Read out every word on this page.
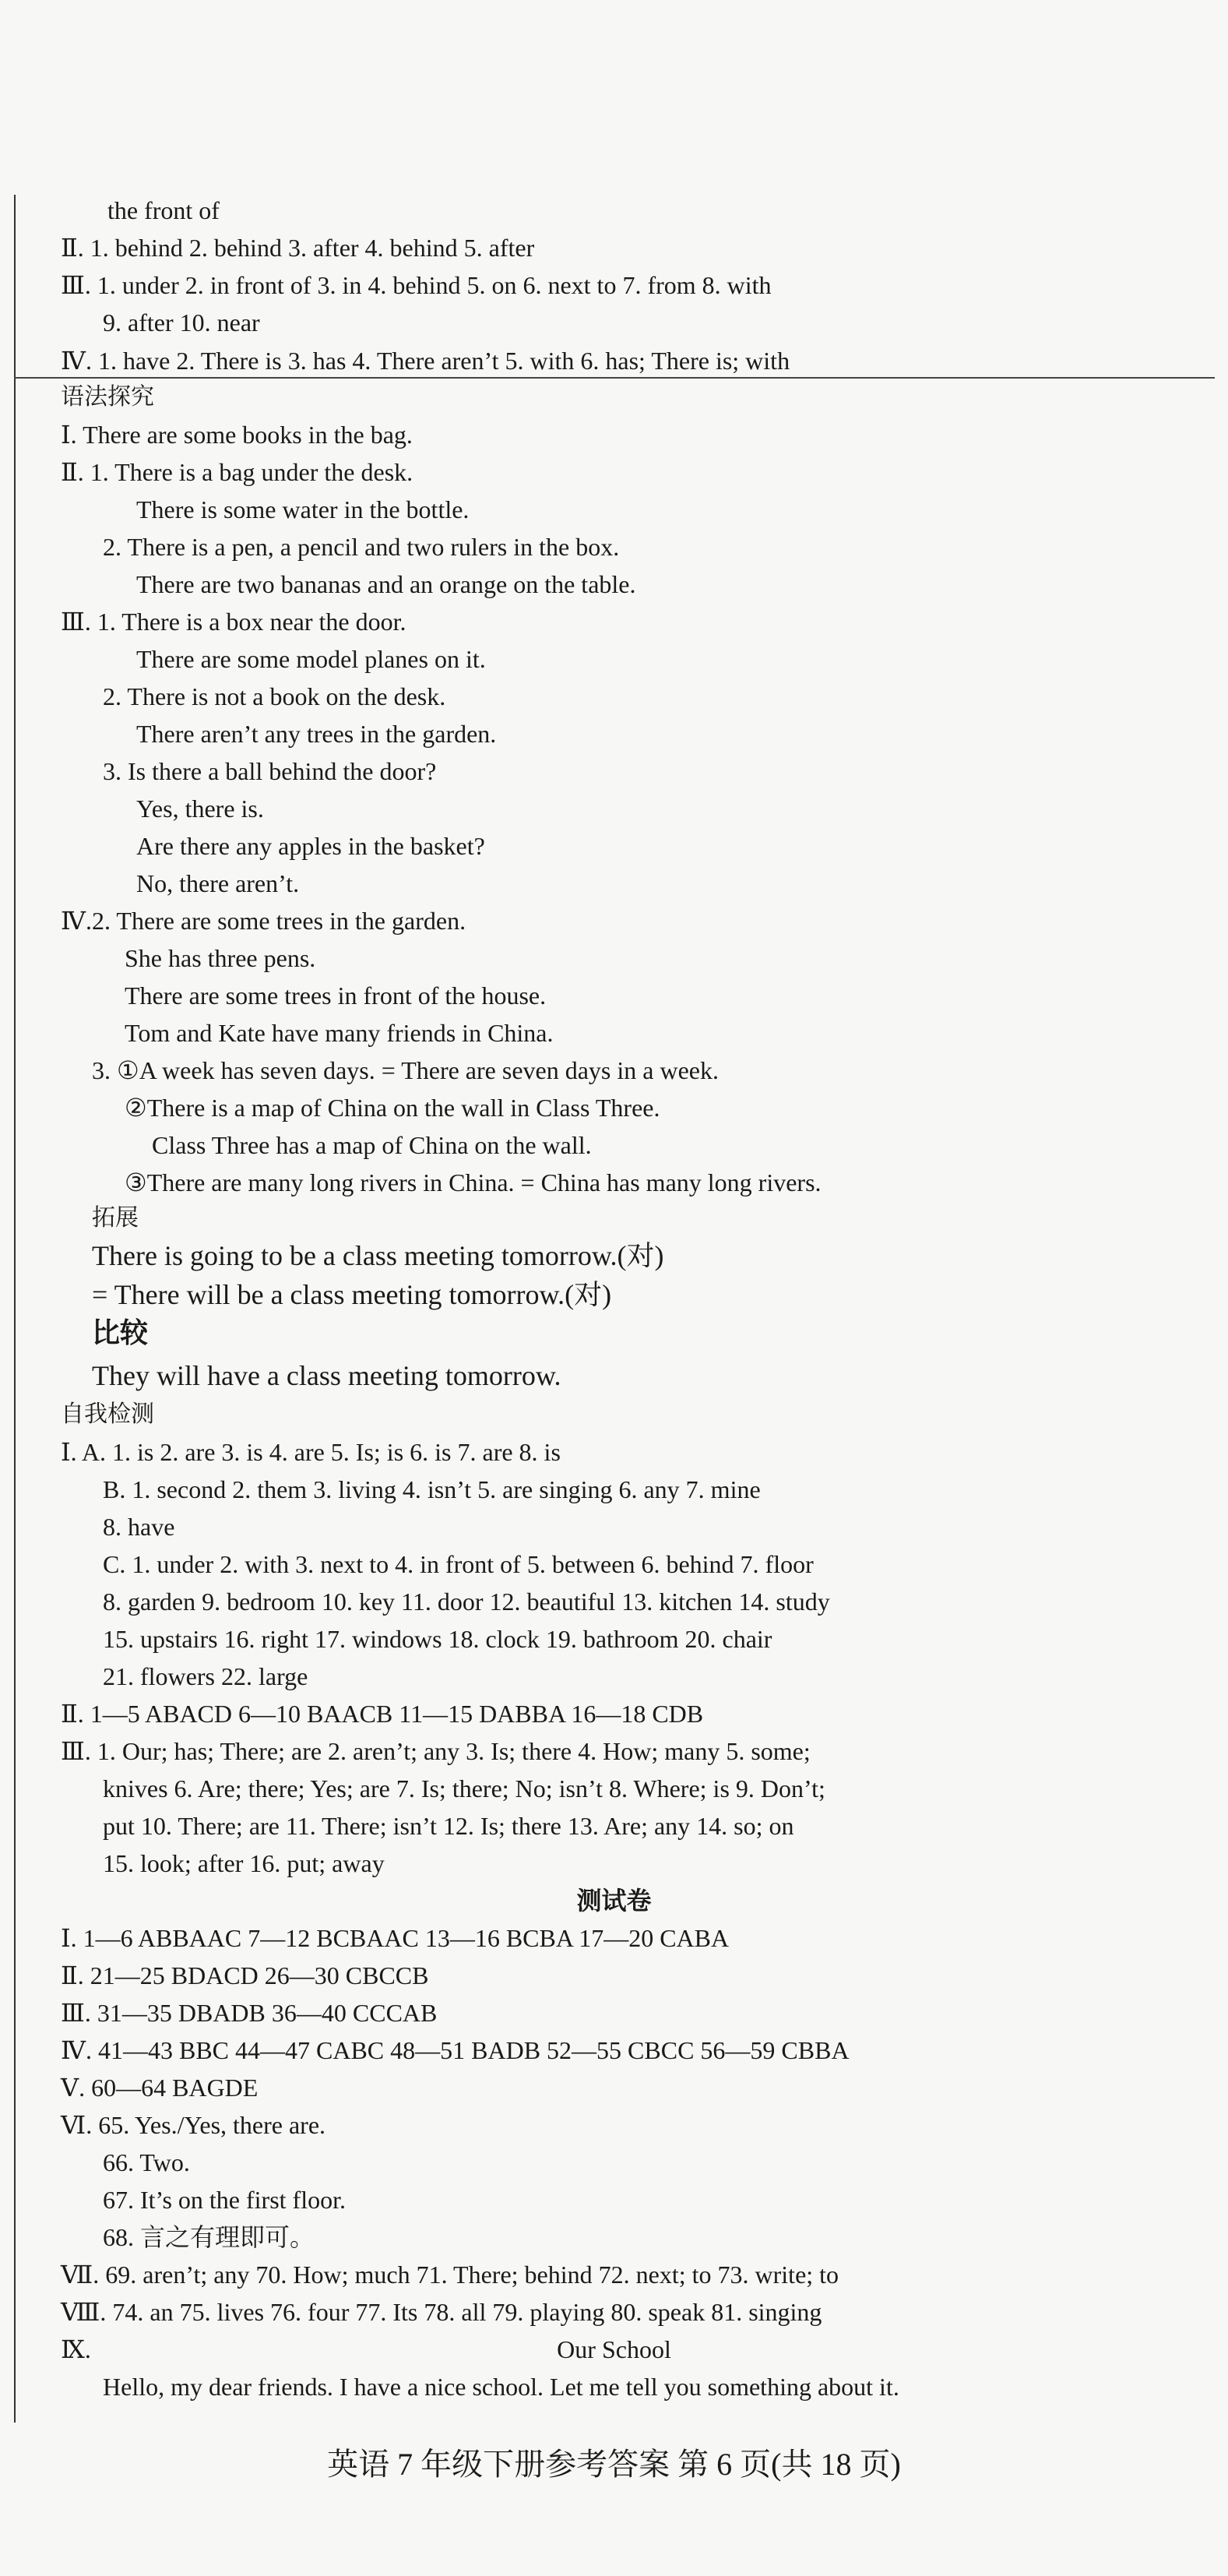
the front of
Ⅱ. 1. behind 2. behind 3. after 4. behind 5. after
Ⅲ. 1. under 2. in front of 3. in 4. behind 5. on 6. next to 7. from 8. with
9. after 10. near
Ⅳ. 1. have 2. There is 3. has 4. There aren’t 5. with 6. has; There is; with
语法探究
Ⅰ. There are some books in the bag.
Ⅱ. 1. There is a bag under the desk.
There is some water in the bottle.
2. There is a pen, a pencil and two rulers in the box.
There are two bananas and an orange on the table.
Ⅲ. 1. There is a box near the door.
There are some model planes on it.
2. There is not a book on the desk.
There aren’t any trees in the garden.
3. Is there a ball behind the door?
Yes, there is.
Are there any apples in the basket?
No, there aren’t.
Ⅳ.2. There are some trees in the garden.
She has three pens.
There are some trees in front of the house.
Tom and Kate have many friends in China.
3. ①A week has seven days. = There are seven days in a week.
②There is a map of China on the wall in Class Three.
Class Three has a map of China on the wall.
③There are many long rivers in China. = China has many long rivers.
拓展
There is going to be a class meeting tomorrow.(对)
= There will be a class meeting tomorrow.(对)
比较
They will have a class meeting tomorrow.
自我检测
Ⅰ. A. 1. is 2. are 3. is 4. are 5. Is; is 6. is 7. are 8. is
B. 1. second 2. them 3. living 4. isn’t 5. are singing 6. any 7. mine
8. have
C. 1. under 2. with 3. next to 4. in front of 5. between 6. behind 7. floor
8. garden 9. bedroom 10. key 11. door 12. beautiful 13. kitchen 14. study
15. upstairs 16. right 17. windows 18. clock 19. bathroom 20. chair
21. flowers 22. large
Ⅱ. 1—5 ABACD 6—10 BAACB 11—15 DABBA 16—18 CDB
Ⅲ. 1. Our; has; There; are 2. aren’t; any 3. Is; there 4. How; many 5. some;
knives 6. Are; there; Yes; are 7. Is; there; No; isn’t 8. Where; is 9. Don’t;
put 10. There; are 11. There; isn’t 12. Is; there 13. Are; any 14. so; on
15. look; after 16. put; away
Ⅰ. 1—6 ABBAAC 7—12 BCBAAC 13—16 BCBA 17—20 CABA
Ⅱ. 21—25 BDACD 26—30 CBCCB
Ⅲ. 31—35 DBADB 36—40 CCCAB
Ⅳ. 41—43 BBC 44—47 CABC 48—51 BADB 52—55 CBCC 56—59 CBBA
Ⅴ. 60—64 BAGDE
Ⅵ. 65. Yes./Yes, there are.
66. Two.
67. It’s on the first floor.
68. 言之有理即可。
Ⅶ. 69. aren’t; any 70. How; much 71. There; behind 72. next; to 73. write; to
Ⅷ. 74. an 75. lives 76. four 77. Its 78. all 79. playing 80. speak 81. singing
Ⅸ.
Hello, my dear friends. I have a nice school. Let me tell you something about it.
测试卷
Our School
英语 7 年级下册参考答案 第 6 页(共 18 页)
